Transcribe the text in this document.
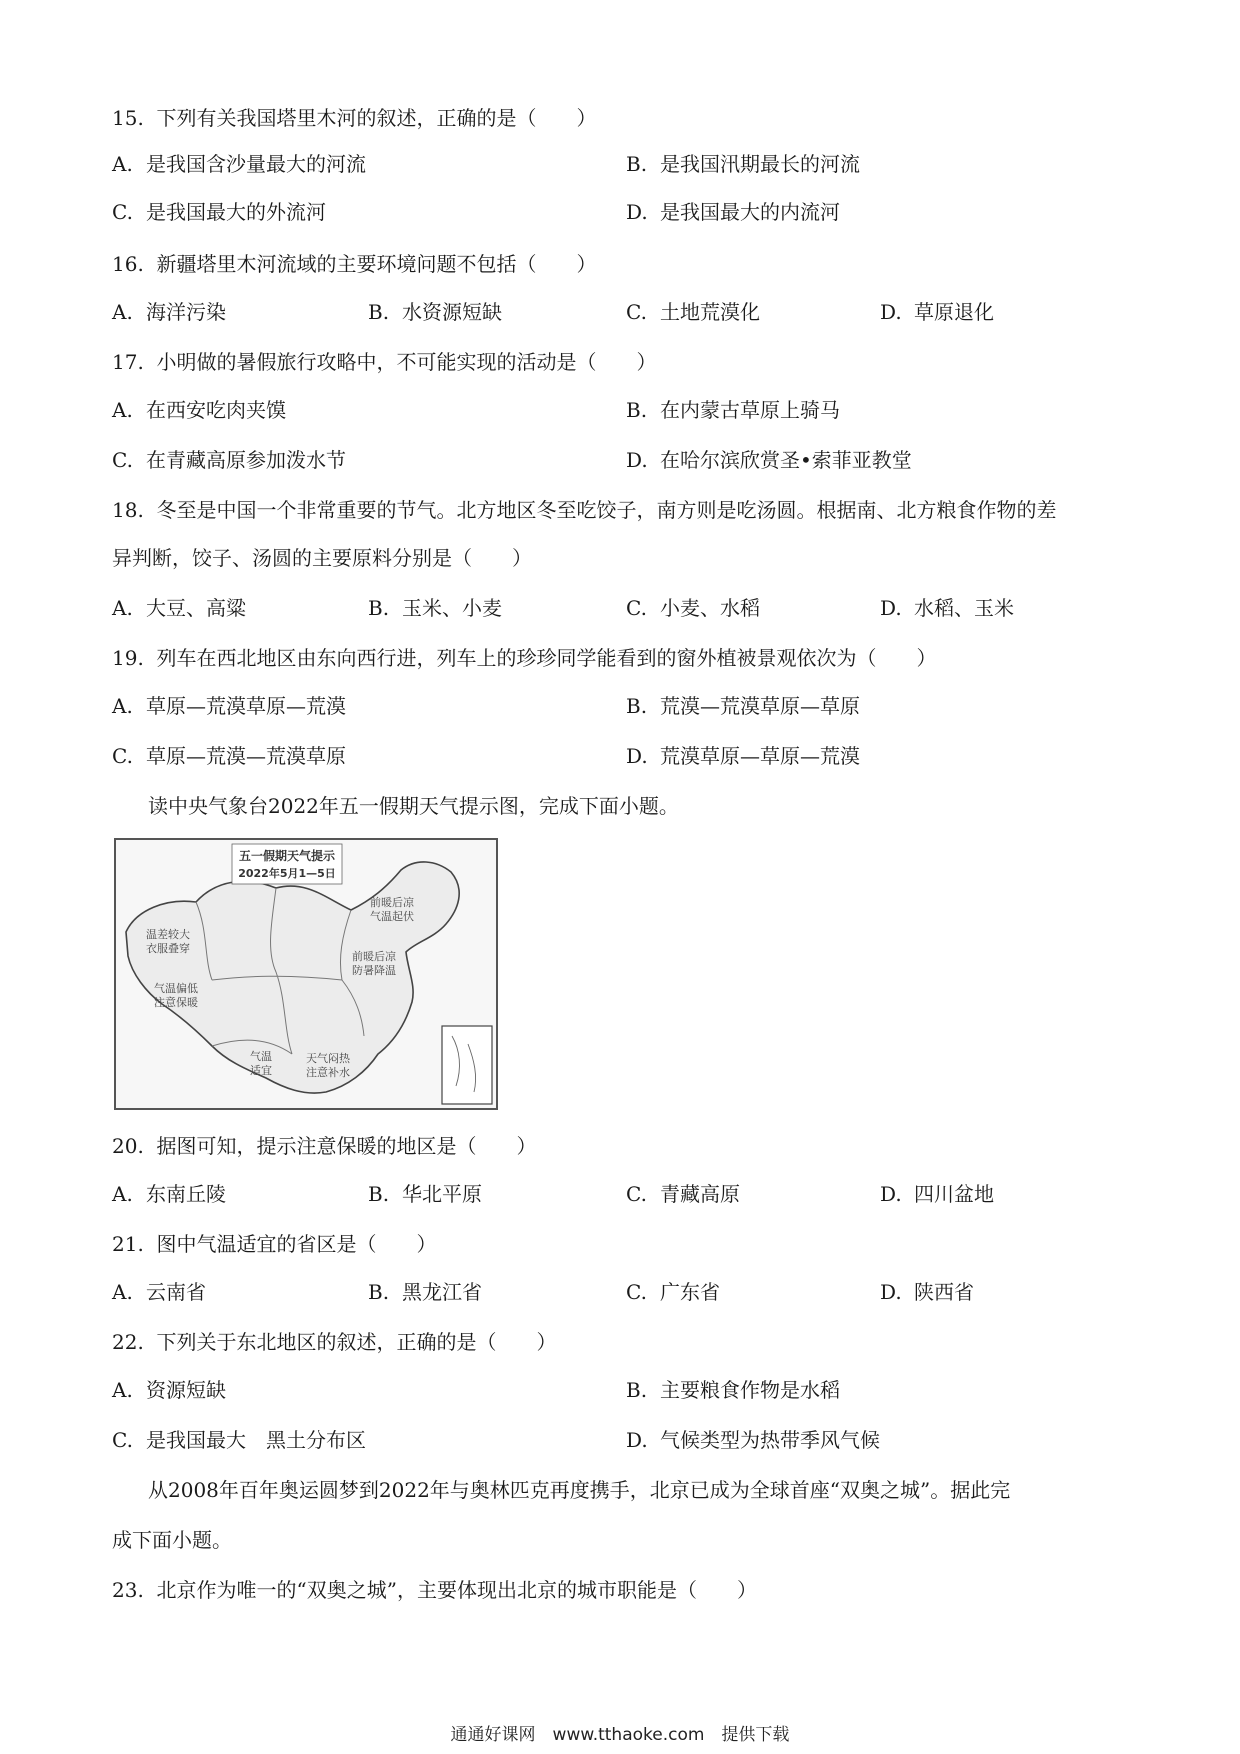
15. 下列有关我国塔里木河的叙述，正确的是（　　）
A. 是我国含沙量最大的河流	B. 是我国汛期最长的河流
C. 是我国最大的外流河	D. 是我国最大的内流河
16. 新疆塔里木河流域的主要环境问题不包括（　　）
A. 海洋污染	B. 水资源短缺	C. 土地荒漠化	D. 草原退化
17. 小明做的暑假旅行攻略中，不可能实现的活动是（　　）
A. 在西安吃肉夹馍	B. 在内蒙古草原上骑马
C. 在青藏高原参加泼水节	D. 在哈尔滨欣赏圣•索菲亚教堂
18. 冬至是中国一个非常重要的节气。北方地区冬至吃饺子，南方则是吃汤圆。根据南、北方粮食作物的差
异判断，饺子、汤圆的主要原料分别是（　　）
A. 大豆、高粱	B. 玉米、小麦	C. 小麦、水稻	D. 水稻、玉米
19. 列车在西北地区由东向西行进，列车上的珍珍同学能看到的窗外植被景观依次为（　　）
A. 草原—荒漠草原—荒漠	B. 荒漠—荒漠草原—草原
C. 草原—荒漠—荒漠草原	D. 荒漠草原—草原—荒漠
读中央气象台2022年五一假期天气提示图，完成下面小题。
五一假期天气提示
2022年5月1—5日
前暖后凉
气温起伏
温差较大
衣服叠穿
气温偏低
注意保暖
前暖后凉
防暑降温
气温
适宜
天气闷热
注意补水
20. 据图可知，提示注意保暖的地区是（　　）
A. 东南丘陵	B. 华北平原	C. 青藏高原	D. 四川盆地
21. 图中气温适宜的省区是（　　）
A. 云南省	B. 黑龙江省	C. 广东省	D. 陕西省
22. 下列关于东北地区的叙述，正确的是（　　）
A. 资源短缺	B. 主要粮食作物是水稻
C. 是我国最大　黑土分布区	D. 气候类型为热带季风气候
从2008年百年奥运圆梦到2022年与奥林匹克再度携手，北京已成为全球首座“双奥之城”。据此完
成下面小题。
23. 北京作为唯一的“双奥之城”，主要体现出北京的城市职能是（　　）
通通好课网　www.tthaoke.com　提供下载
